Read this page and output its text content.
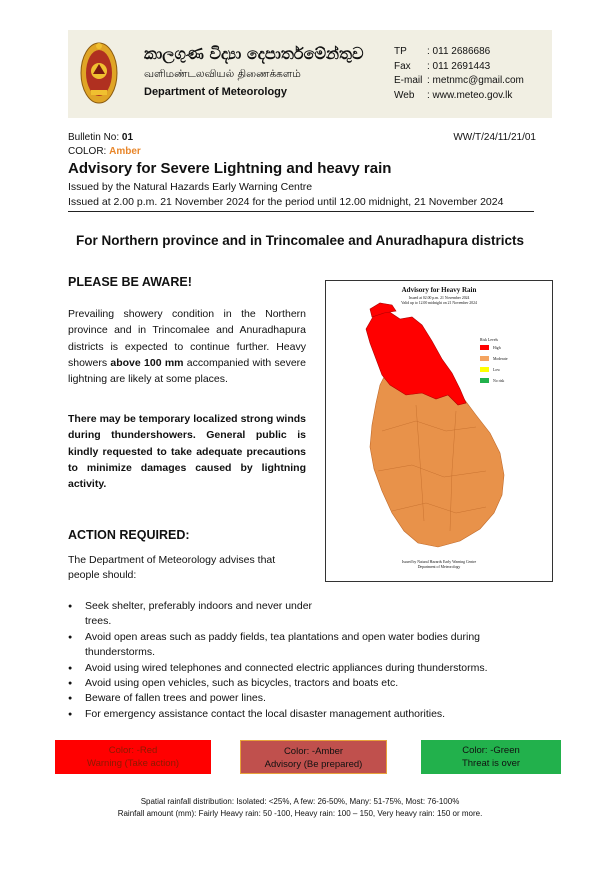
කාලගුණ විද්‍යා දෙපාර්තමේන්තුව
வளிமண்டலவியல் திணைக்களம்
Department of Meteorology
TP	: 011 2686686
Fax	: 011 2691443
E-mail : metnmc@gmail.com
Web	: www.meteo.gov.lk
Bulletin No: 01	WW/T/24/11/21/01
COLOR: Amber
Advisory for Severe Lightning and heavy rain
Issued by the Natural Hazards Early Warning Centre
Issued at 2.00 p.m. 21 November 2024 for the period until 12.00 midnight, 21 November 2024
For Northern province and in Trincomalee and Anuradhapura districts
PLEASE BE AWARE!
Prevailing showery condition in the Northern province and in Trincomalee and Anuradhapura districts is expected to continue further. Heavy showers above 100 mm accompanied with severe lightning are likely at some places.
There may be temporary localized strong winds during thundershowers. General public is kindly requested to take adequate precautions to minimize damages caused by lightning activity.
Advisory for Heavy Rain
Issued at 02.00 p.m. 21 November 2024
Valid up to 12.00 midnight on 21 November 2024
Risk Levels
High
Moderate
Low
No risk
Issued by Natural Hazards Early Warning Centre
Department of Meteorology
ACTION REQUIRED:
The Department of Meteorology advises that people should:
● Seek shelter, preferably indoors and never under trees.
● Avoid open areas such as paddy fields, tea plantations and open water bodies during thunderstorms.
● Avoid using wired telephones and connected electric appliances during thunderstorms.
● Avoid using open vehicles, such as bicycles, tractors and boats etc.
● Beware of fallen trees and power lines.
● For emergency assistance contact the local disaster management authorities.
Color: -Red
Warning (Take action)
Color: -Amber
Advisory (Be prepared)
Color: -Green
Threat is over
Spatial rainfall distribution: Isolated: <25%, A few: 26-50%, Many: 51-75%, Most: 76-100%
Rainfall amount (mm): Fairly Heavy rain: 50 -100, Heavy rain: 100 – 150, Very heavy rain: 150 or more.
